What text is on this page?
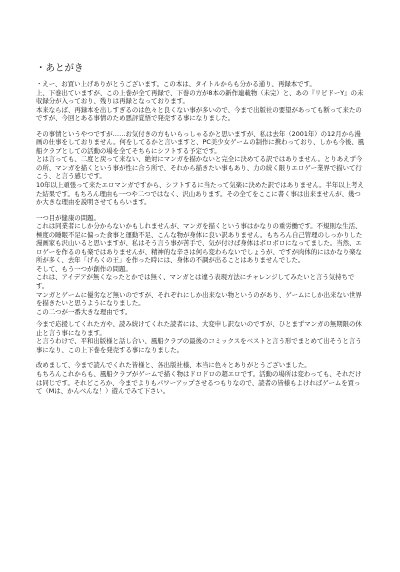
・あとがき

・えー、お買い上げありがとうございます。この本は、タイトルからも分かる通り、再録本です。
上、下巻出ていますが、この上巻が全て再録で、下巻の方が8本の新作連載物（未完）と、あの『リビドーY』の未収録分が入っており、残りは再録となっております。
本来ならば、再録本を出しすぎるのは色々と良くない事が多いので、今まで出版社の要望があっても断って来たのですが、今回とある事情のため悪評覚悟で発売する事になりました。

その事情というやつですが……お気付きの方もいらっしゃるかと思いますが、私は去年（2001年）の12月から漫画の仕事をしておりません。何をしてるかと言いますと、PC美少女ゲームの制作に携わっており、しかも今後、風船クラブとしての活動の場を全てそちらにシフトする予定です。
とは言っても、二度と戻って来ない、絶対にマンガを描かないと完全に決めてる訳ではありません。とりあえず今の所、マンガを描くという事が性に合う所で、それから描きたい事もあり、力の続く限りエロゲー業界で描いて行こう、と言う感じです。
10年以上頑張って来たエロマンガですから、シフトするに当たって気楽に決めた訳ではありません。半年以上考えた結果です。もちろん理由も一つや二つではなく、沢山あります。その全てをここに書く事は出来ませんが、幾つか大きな理由を説明させてもらいます。

一つ目が健康の問題。
これは同業者にしか分からないかもしれませんが、マンガを描くという事はかなりの重労働です。不規則な生活、極度の睡眠不足に偏った食事と運動不足、こんな物が身体に良い訳ありません。もちろん自己管理のしっかりした漫画家も沢山いると思いますが、私はそう言う事が苦手で、気が付けば身体はボロボロになってました。当然、エロゲーを作るのも楽ではありませんが、精神的な辛さは何ら変わらないでしょうが、ですが肉体的にはかなり楽な所が多く、去年「げらくの王」を作った時には、身体の不調が出ることはありませんでした。
そして、もう一つが創作の問題。
これは、アイデアが無くなったとかでは無く、マンガとは違う表現方法にチャレンジしてみたいと言う気持ちです。
マンガとゲームに優劣など無いのですが、それぞれにしか出来ない物というのがあり、ゲームにしか出来ない世界を描きたいと思うようになりました。
この二つが一番大きな理由です。

今まで応援してくれた方や、読み続けてくれた読者には、大変申し訳ないのですが、ひとまずマンガの無期限の休止と言う事になります。
と言うわけで、平和出版様と話し合い、風船クラブの最後のコミックスをベストと言う形でまとめて出そうと言う事になり、この上下巻を発売する事になりました。

改めまして、今まで読んでくれた皆様と、各出版社様、本当に色々とありがとうございました。
もちろんこれからも、風船クラブがゲームで描く物はドロドロの超エロです。活動の場所は変わっても、それだけは同じです。それどころか、今までよりもパワーアップさせるつもりなので、読者の皆様もよければゲームを買って（Mは、かんべんな！）遊んでみて下さい。
